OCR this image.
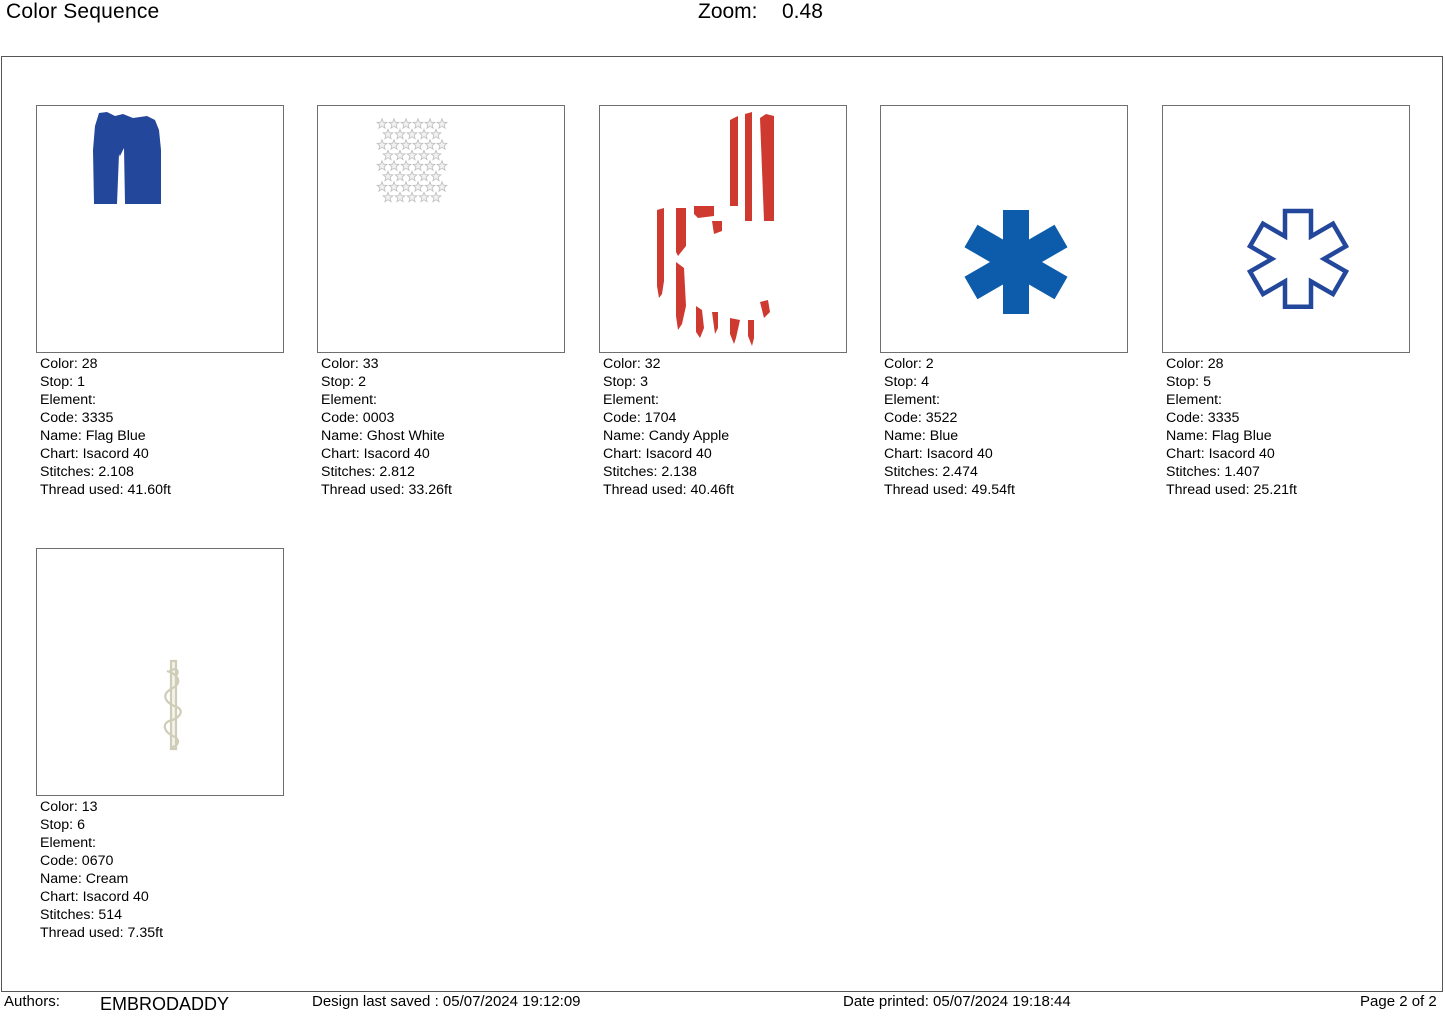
Color Sequence	Zoom: 0.48
Color: 28
Stop: 1
Element:
Code: 3335
Name: Flag Blue
Chart: Isacord 40
Stitches: 2.108
Thread used: 41.60ft
Color: 33
Stop: 2
Element:
Code: 0003
Name: Ghost White
Chart: Isacord 40
Stitches: 2.812
Thread used: 33.26ft
Color: 32
Stop: 3
Element:
Code: 1704
Name: Candy Apple
Chart: Isacord 40
Stitches: 2.138
Thread used: 40.46ft
Color: 2
Stop: 4
Element:
Code: 3522
Name: Blue
Chart: Isacord 40
Stitches: 2.474
Thread used: 49.54ft
Color: 28
Stop: 5
Element:
Code: 3335
Name: Flag Blue
Chart: Isacord 40
Stitches: 1.407
Thread used: 25.21ft
Color: 13
Stop: 6
Element:
Code: 0670
Name: Cream
Chart: Isacord 40
Stitches: 514
Thread used: 7.35ft
Authors: EMBRODADDY	Design last saved : 05/07/2024 19:12:09	Date printed: 05/07/2024 19:18:44	Page 2 of 2
